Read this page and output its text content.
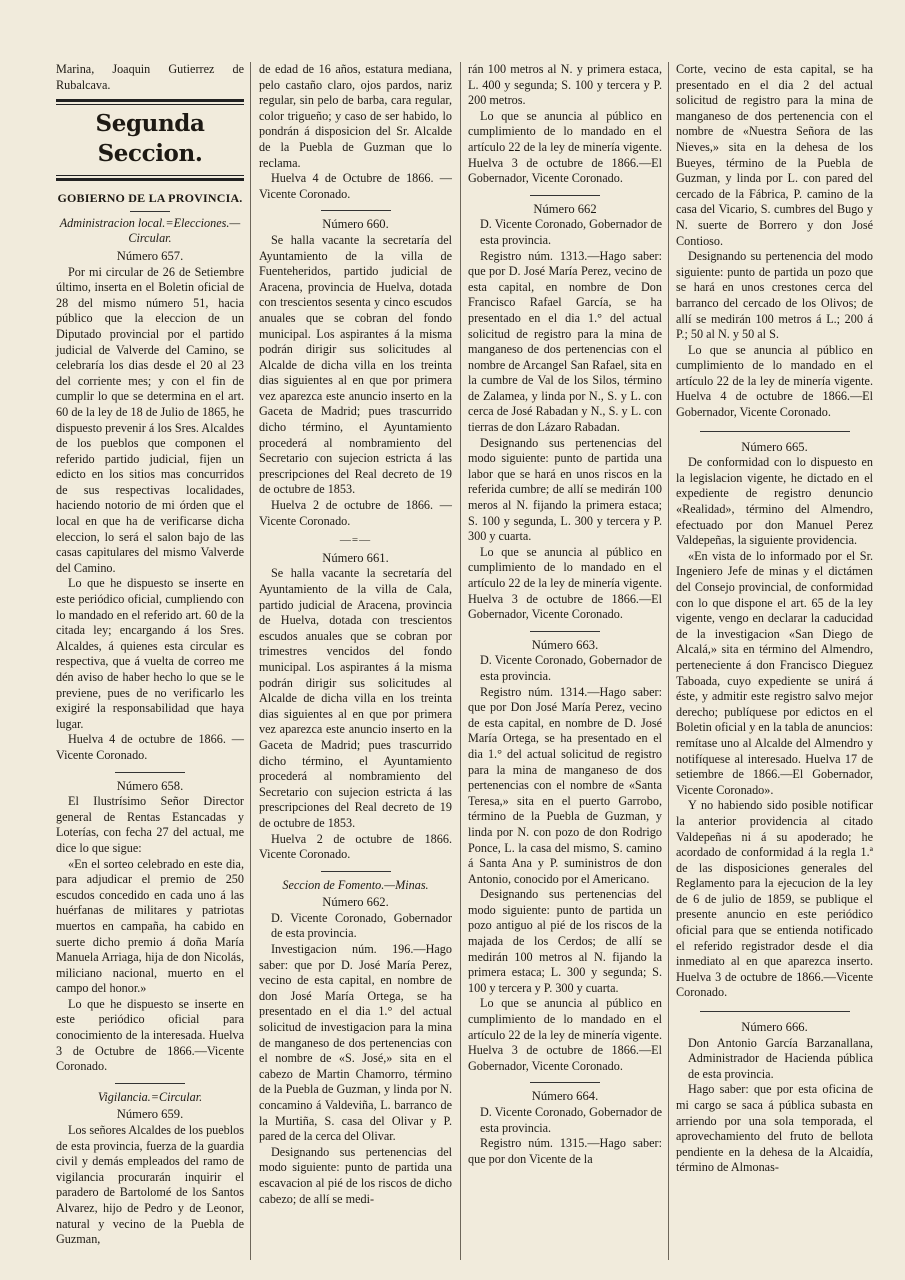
Marina, Joaquin Gutierrez de Rubalcava.

Segunda Seccion.
GOBIERNO DE LA PROVINCIA.

Administracion local.=Elecciones.—Circular.

Número 657.

Por mi circular de 26 de Setiembre último, inserta en el Boletin oficial de 28 del mismo número 51, hacia público que la eleccion de un Diputado provincial por el partido judicial de Valverde del Camino, se celebraría los dias desde el 20 al 23 del corriente mes; y con el fin de cumplir lo que se determina en el art. 60 de la ley de 18 de Julio de 1865, he dispuesto prevenir á los Sres. Alcaldes de los pueblos que componen el referido partido judicial, fijen un edicto en los sitios mas concurridos de sus respectivas localidades, haciendo notorio de mi órden que el local en que ha de verificarse dicha eleccion, lo será el salon bajo de las casas capitulares del mismo Valverde del Camino.

Lo que he dispuesto se inserte en este periódico oficial, cumpliendo con lo mandado en el referido art. 60 de la citada ley; encargando á los Sres. Alcaldes, á quienes esta circular es respectiva, que á vuelta de correo me dén aviso de haber hecho lo que se le previene, pues de no verificarlo les exigiré la responsabilidad que haya lugar.

Huelva 4 de octubre de 1866. —Vicente Coronado.

Número 658.

El Ilustrísimo Señor Director general de Rentas Estancadas y Loterías, con fecha 27 del actual, me dice lo que sigue:

«En el sorteo celebrado en este dia, para adjudicar el premio de 250 escudos concedido en cada uno á las huérfanas de militares y patriotas muertos en campaña, ha cabido en suerte dicho premio á doña María Manuela Arriaga, hija de don Nicolás, miliciano nacional, muerto en el campo del honor.»

Lo que he dispuesto se inserte en este periódico oficial para conocimiento de la interesada. Huelva 3 de Octubre de 1866.—Vicente Coronado.

Vigilancia.=Circular.

Número 659.

Los señores Alcaldes de los pueblos de esta provincia, fuerza de la guardia civil y demás empleados del ramo de vigilancia procurarán inquirir el paradero de Bartolomé de los Santos Alvarez, hijo de Pedro y de Leonor, natural y vecino de la Puebla de Guzman,

de edad de 16 años, estatura mediana, pelo castaño claro, ojos pardos, nariz regular, sin pelo de barba, cara regular, color trigueño; y caso de ser habido, lo pondrán á disposicion del Sr. Alcalde de la Puebla de Guzman que lo reclama.

Huelva 4 de Octubre de 1866. —Vicente Coronado.

Número 660.

Se halla vacante la secretaría del Ayuntamiento de la villa de Fuenteheridos, partido judicial de Aracena, provincia de Huelva, dotada con trescientos sesenta y cinco escudos anuales que se cobran del fondo municipal. Los aspirantes á la misma podrán dirigir sus solicitudes al Alcalde de dicha villa en los treinta dias siguientes al en que por primera vez aparezca este anuncio inserto en la Gaceta de Madrid; pues trascurrido dicho término, el Ayuntamiento procederá al nombramiento del Secretario con sujecion estricta á las prescripciones del Real decreto de 19 de octubre de 1853.

Huelva 2 de octubre de 1866. —Vicente Coronado.

—=—
Número 661.

Se halla vacante la secretaría del Ayuntamiento de la villa de Cala, partido judicial de Aracena, provincia de Huelva, dotada con trescientos escudos anuales que se cobran por trimestres vencidos del fondo municipal. Los aspirantes á la misma podrán dirigir sus solicitudes al Alcalde de dicha villa en los treinta dias siguientes al en que por primera vez aparezca este anuncio inserto en la Gaceta de Madrid; pues trascurrido dicho término, el Ayuntamiento procederá al nombramiento del Secretario con sujecion estricta á las prescripciones del Real decreto de 19 de octubre de 1853.

Huelva 2 de octubre de 1866. Vicente Coronado.

Seccion de Fomento.—Minas.

Número 662.

D. Vicente Coronado, Gobernador de esta provincia.

Investigacion núm. 196.—Hago saber: que por D. José María Perez, vecino de esta capital, en nombre de don José María Ortega, se ha presentado en el dia 1.° del actual solicitud de investigacion para la mina de manganeso de dos pertenencias con el nombre de «S. José,» sita en el cabezo de Martin Chamorro, término de la Puebla de Guzman, y linda por N. concamino á Valdeviña, L. barranco de la Murtiña, S. casa del Olivar y P. pared de la cerca del Olivar.

Designando sus pertenencias del modo siguiente: punto de partida una escavacion al pié de los riscos de dicho cabezo; de allí se medi-

rán 100 metros al N. y primera estaca, L. 400 y segunda; S. 100 y tercera y P. 200 metros.

Lo que se anuncia al público en cumplimiento de lo mandado en el artículo 22 de la ley de minería vigente. Huelva 3 de octubre de 1866.—El Gobernador, Vicente Coronado.

Número 662

D. Vicente Coronado, Gobernador de esta provincia.

Registro núm. 1313.—Hago saber: que por D. José María Perez, vecino de esta capital, en nombre de Don Francisco Rafael García, se ha presentado en el dia 1.° del actual solicitud de registro para la mina de manganeso de dos pertenencias con el nombre de Arcangel San Rafael, sita en la cumbre de Val de los Silos, término de Zalamea, y linda por N., S. y L. con cerca de José Rabadan y N., S. y L. con tierras de don Lázaro Rabadan.

Designando sus pertenencias del modo siguiente: punto de partida una labor que se hará en unos riscos en la referida cumbre; de allí se medirán 100 meros al N. fijando la primera estaca; S. 100 y segunda, L. 300 y tercera y P. 300 y cuarta.

Lo que se anuncia al público en cumplimiento de lo mandado en el artículo 22 de la ley de minería vigente. Huelva 3 de octubre de 1866.—El Gobernador, Vicente Coronado.

Número 663.

D. Vicente Coronado, Gobernador de esta provincia.

Registro núm. 1314.—Hago saber: que por Don José María Perez, vecino de esta capital, en nombre de D. José María Ortega, se ha presentado en el dia 1.° del actual solicitud de registro para la mina de manganeso de dos pertenencias con el nombre de «Santa Teresa,» sita en el puerto Garrobo, término de la Puebla de Guzman, y linda por N. con pozo de don Rodrigo Ponce, L. la casa del mismo, S. camino á Santa Ana y P. suministros de don Antonio, conocido por el Americano.

Designando sus pertenencias del modo siguiente: punto de partida un pozo antiguo al pié de los riscos de la majada de los Cerdos; de allí se medirán 100 metros al N. fijando la primera estaca; L. 300 y segunda; S. 100 y tercera y P. 300 y cuarta.

Lo que se anuncia al público en cumplimiento de lo mandado en el artículo 22 de la ley de minería vigente. Huelva 3 de octubre de 1866.—El Gobernador, Vicente Coronado.

Número 664.

D. Vicente Coronado, Gobernador de esta provincia.

Registro núm. 1315.—Hago saber: que por don Vicente de la

Corte, vecino de esta capital, se ha presentado en el dia 2 del actual solicitud de registro para la mina de manganeso de dos pertenencia con el nombre de «Nuestra Señora de las Nieves,» sita en la dehesa de los Bueyes, término de la Puebla de Guzman, y linda por L. con pared del cercado de la Fábrica, P. camino de la casa del Vicario, S. cumbres del Bugo y N. suerte de Borrero y don José Contioso.

Designando su pertenencia del modo siguiente: punto de partida un pozo que se hará en unos crestones cerca del barranco del cercado de los Olivos; de allí se medirán 100 metros á L.; 200 á P.; 50 al N. y 50 al S.

Lo que se anuncia al público en cumplimiento de lo mandado en el artículo 22 de la ley de minería vigente. Huelva 4 de octubre de 1866.—El Gobernador, Vicente Coronado.

Número 665.

De conformidad con lo dispuesto en la legislacion vigente, he dictado en el expediente de registro denuncio «Realidad», término del Almendro, efectuado por don Manuel Perez Valdepeñas, la siguiente providencia.

«En vista de lo informado por el Sr. Ingeniero Jefe de minas y el dictámen del Consejo provincial, de conformidad con lo que dispone el art. 65 de la ley vigente, vengo en declarar la caducidad de la investigacion «San Diego de Alcalá,» sita en término del Almendro, perteneciente á don Francisco Dieguez Taboada, cuyo expediente se unirá á éste, y admitir este registro salvo mejor derecho; publíquese por edictos en el Boletin oficial y en la tabla de anuncios: remítase uno al Alcalde del Almendro y notifíquese al interesado. Huelva 17 de setiembre de 1866.—El Gobernador, Vicente Coronado».

Y no habiendo sido posible notificar la anterior providencia al citado Valdepeñas ni á su apoderado; he acordado de conformidad á la regla 1.ª de las disposiciones generales del Reglamento para la ejecucion de la ley de 6 de julio de 1859, se publique el presente anuncio en este periódico oficial para que se entienda notificado el referido registrador desde el dia inmediato al en que aparezca inserto. Huelva 3 de octubre de 1866.—Vicente Coronado.

Número 666.

Don Antonio García Barzanallana, Administrador de Hacienda pública de esta provincia.

Hago saber: que por esta oficina de mi cargo se saca á pública subasta en arriendo por una sola temporada, el aprovechamiento del fruto de bellota pendiente en la dehesa de la Alcaidía, término de Almonas-
